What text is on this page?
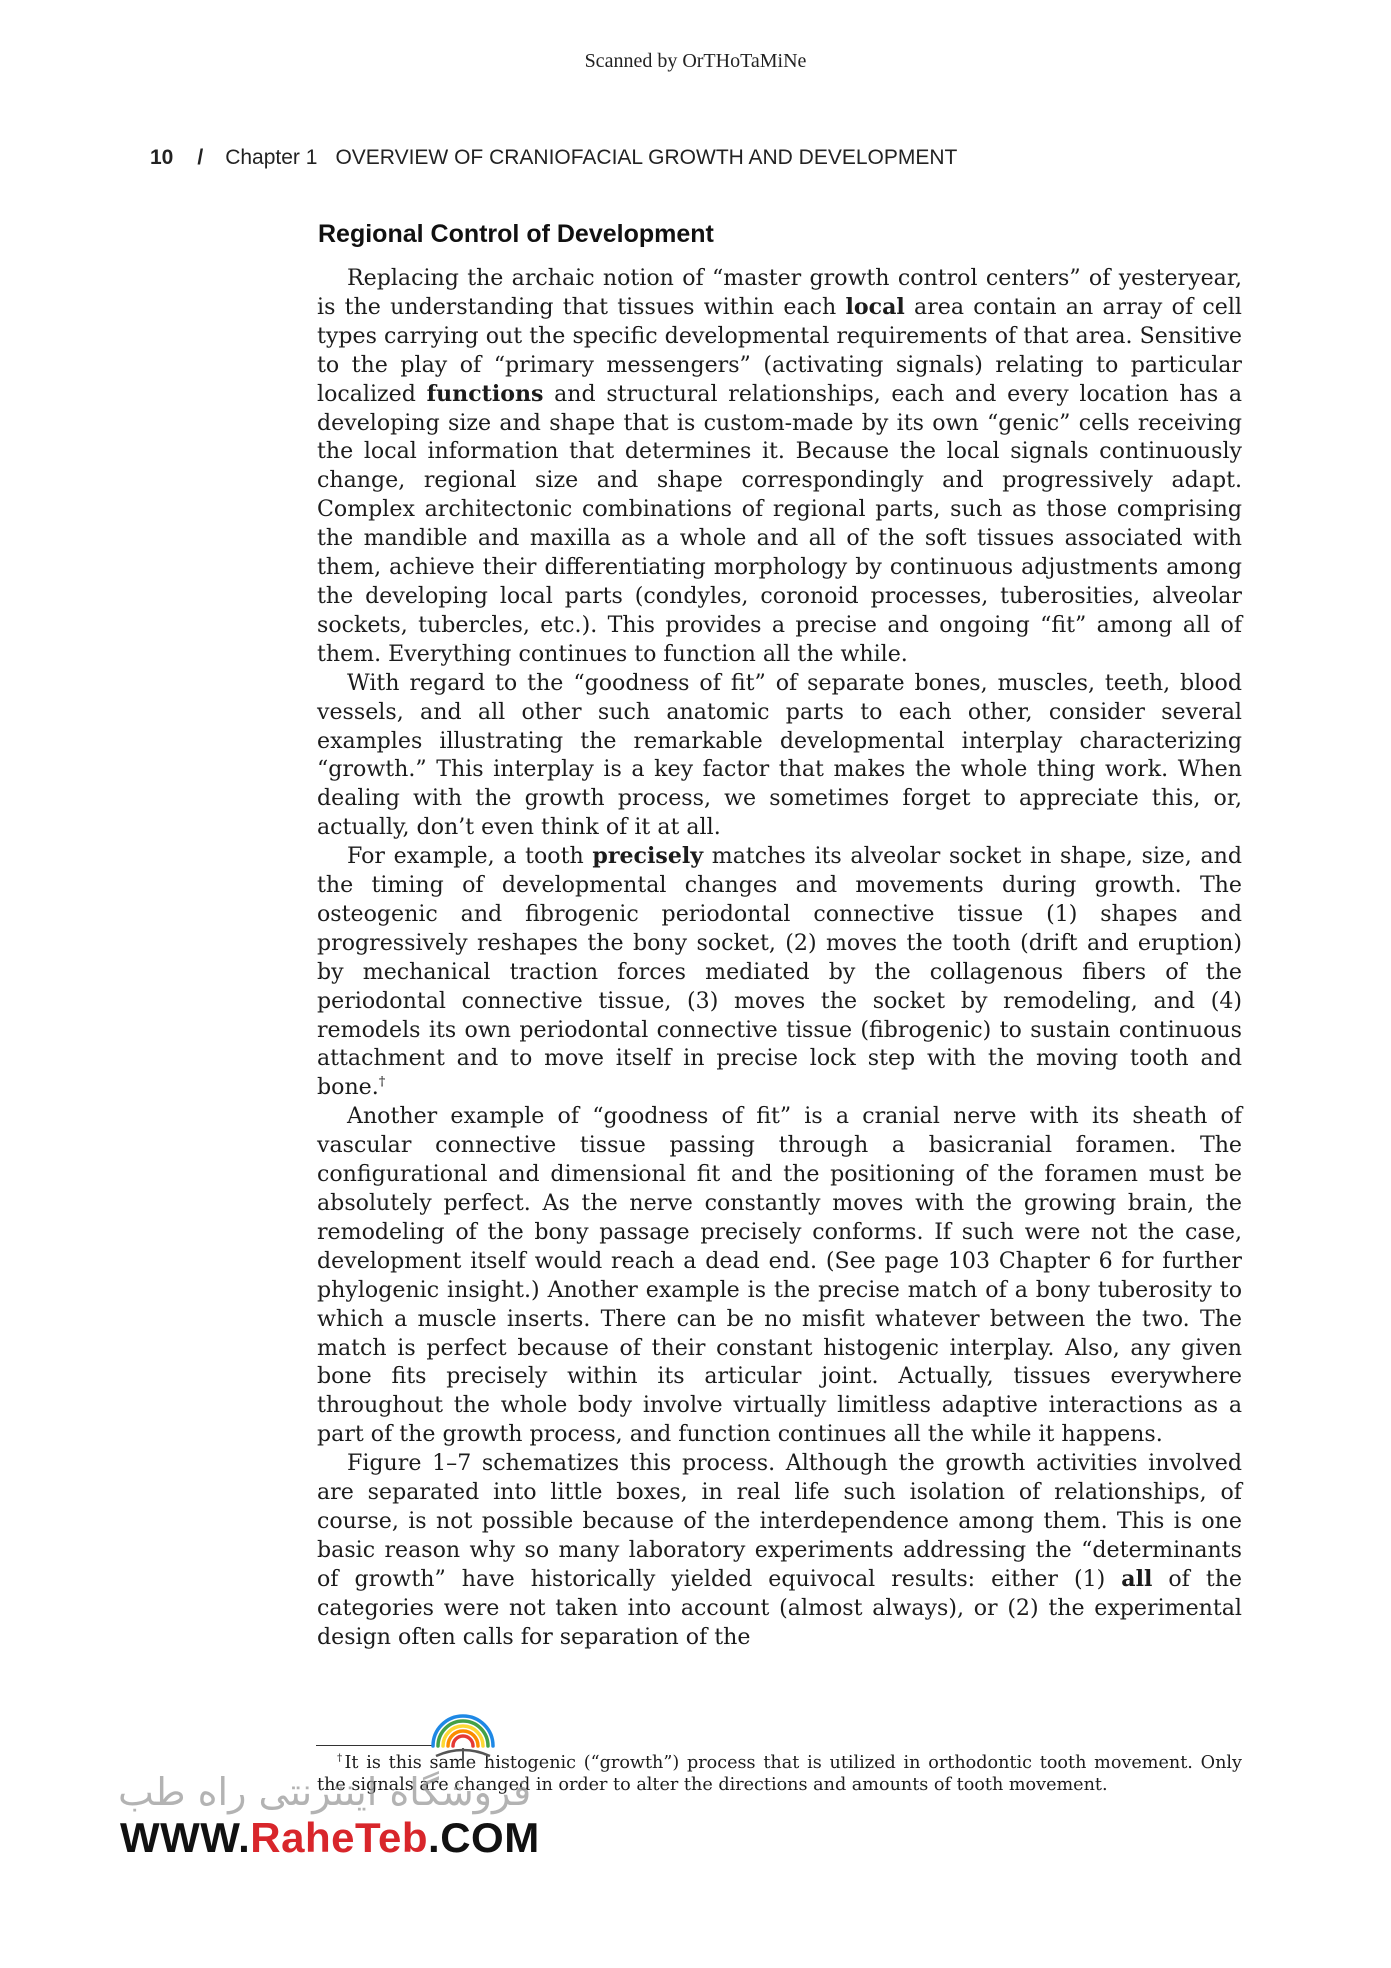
Scanned by OrTHoTaMiNe
10 / Chapter 1 OVERVIEW OF CRANIOFACIAL GROWTH AND DEVELOPMENT
Regional Control of Development

Replacing the archaic notion of “master growth control centers” of yesteryear, is the understanding that tissues within each local area contain an array of cell types carrying out the specific developmental requirements of that area. Sensitive to the play of “primary messengers” (activating signals) relating to particular localized functions and structural relationships, each and every location has a developing size and shape that is custom-made by its own “genic” cells receiving the local information that determines it. Because the local signals continuously change, regional size and shape correspondingly and progressively adapt. Complex architectonic combinations of regional parts, such as those comprising the mandible and maxilla as a whole and all of the soft tissues associated with them, achieve their differentiating morphology by continuous adjustments among the developing local parts (condyles, coronoid processes, tuberosities, alveolar sockets, tubercles, etc.). This provides a precise and ongoing “fit” among all of them. Everything continues to function all the while.

With regard to the “goodness of fit” of separate bones, muscles, teeth, blood vessels, and all other such anatomic parts to each other, consider several examples illustrating the remarkable developmental interplay characterizing “growth.” This interplay is a key factor that makes the whole thing work. When dealing with the growth process, we sometimes forget to appreciate this, or, actually, don’t even think of it at all.

For example, a tooth precisely matches its alveolar socket in shape, size, and the timing of developmental changes and movements during growth. The osteogenic and fibrogenic periodontal connective tissue (1) shapes and progressively reshapes the bony socket, (2) moves the tooth (drift and eruption) by mechanical traction forces mediated by the collagenous fibers of the periodontal connective tissue, (3) moves the socket by remodeling, and (4) remodels its own periodontal connective tissue (fibrogenic) to sustain continuous attachment and to move itself in precise lock step with the moving tooth and bone.†

Another example of “goodness of fit” is a cranial nerve with its sheath of vascular connective tissue passing through a basicranial foramen. The configurational and dimensional fit and the positioning of the foramen must be absolutely perfect. As the nerve constantly moves with the growing brain, the remodeling of the bony passage precisely conforms. If such were not the case, development itself would reach a dead end. (See page 103 Chapter 6 for further phylogenic insight.) Another example is the precise match of a bony tuberosity to which a muscle inserts. There can be no misfit whatever between the two. The match is perfect because of their constant histogenic interplay. Also, any given bone fits precisely within its articular joint. Actually, tissues everywhere throughout the whole body involve virtually limitless adaptive interactions as a part of the growth process, and function continues all the while it happens.

Figure 1–7 schematizes this process. Although the growth activities involved are separated into little boxes, in real life such isolation of relationships, of course, is not possible because of the interdependence among them. This is one basic reason why so many laboratory experiments addressing the “determinants of growth” have historically yielded equivocal results: either (1) all of the categories were not taken into account (almost always), or (2) the experimental design often calls for separation of the

†It is this same histogenic (“growth”) process that is utilized in orthodontic tooth movement. Only the signals are changed in order to alter the directions and amounts of tooth movement.

فروشگاه اینترنتی راه طب
WWW.RaheTeb.COM
